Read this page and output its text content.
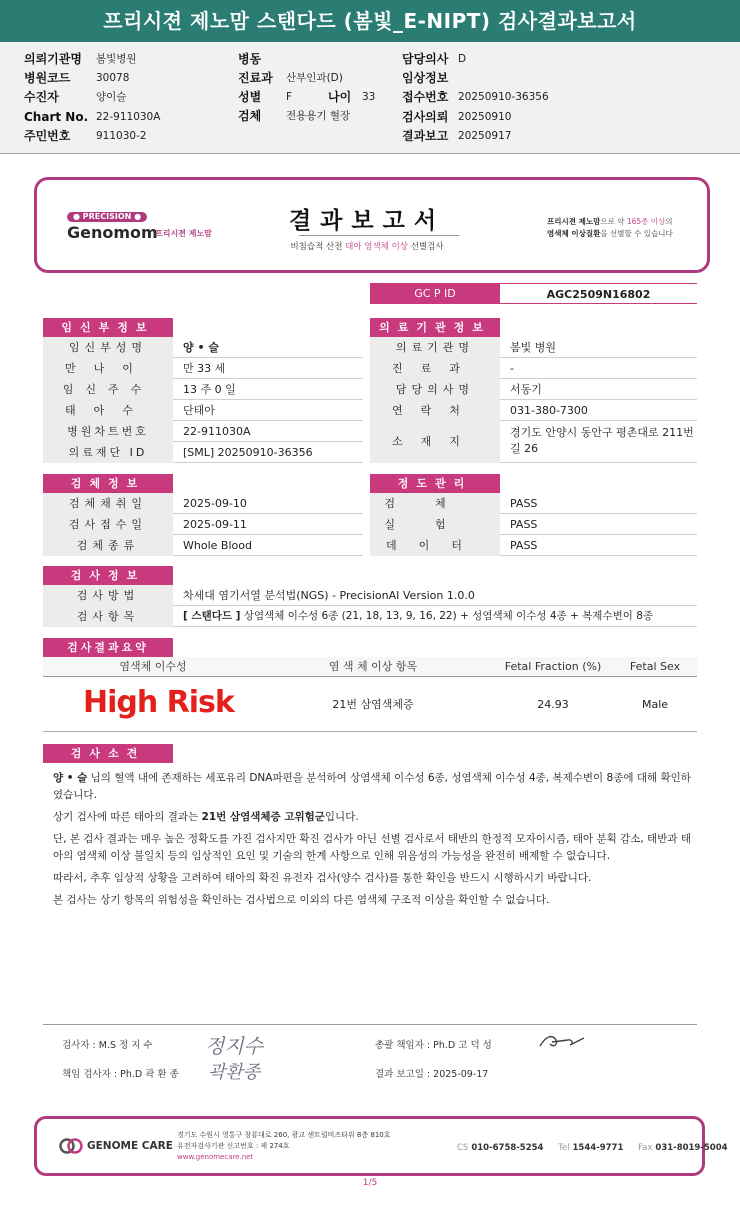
프리시젼 제노맘 스탠다드 (봄빛_E-NIPT) 검사결과보고서
의뢰기관명 봄빛병원
병원코드 30078
수진자	양이슬
Chart No. 22-911030A
주민번호 911030-2
병동
진료과 산부인과(D)
성별 F	나이 33
검체 전용용기 혈장
담당의사 D
임상정보
접수번호 20250910-36356
검사의뢰 20250910
결과보고 20250917
● PRECISION ●
Genomom
프리시젼 제노맘	결과보고서
비침습적 산전 태아 염색체 이상 선별검사
프리시젼 제노맘으로 약 165종 이상의
염색체 이상질환을 선별할 수 있습니다
GC P ID	AGC2509N16802
임신부정보	의료기관정보
임신부성명	양 • 슬
만나이	만 33 세
임신주수	13 주 0 일
태아수	단태아
병원차트번호	22-911030A
의료재단 ID	[SML] 20250910-36356
의료기관명	봄빛 병원
진료과	-
담당의사명	서동기
연락처	031-380-7300
소재지
경기도 안양시 동안구 평촌대로 211번
길 26
검체정보	정도관리
검체채취일	2025-09-10
검사접수일	2025-09-11
검체종류	Whole Blood
검체	PASS
실험	PASS
데이터	PASS
검사정보
검사방법	차세대 염기서열 분석법(NGS) - PrecisionAI Version 1.0.0
검사항목	[ 스탠다드 ] 상염색체 이수성 6종 (21, 18, 13, 9, 16, 22) + 성염색체 이수성 4종 + 복제수변이 8종
검사결과요약
염색체 이수성	염 색 체 이상 항목	Fetal Fraction (%)	Fetal Sex
High Risk	21번 삼염색체증	24.93	Male
검사소견

양 • 슬 님의 혈액 내에 존재하는 세포유리 DNA파편을 분석하여 상염색체 이수성 6종, 성염색체 이수성 4종, 복제수변이 8종에 대해 확인하였습니다.

상기 검사에 따른 태아의 결과는 21번 삼염색체증 고위험군입니다.

단, 본 검사 결과는 매우 높은 정확도를 가진 검사지만 확진 검사가 아닌 선별 검사로서 태반의 한정적 모자이시즘, 태아 분획 감소, 태반과 태아의 염색체 이상 불일치 등의 임상적인 요인 및 기술의 한계 사항으로 인해 위음성의 가능성을 완전히 배제할 수 없습니다.

따라서, 추후 임상적 상황을 고려하여 태아의 확진 유전자 검사(양수 검사)를 통한 확인을 반드시 시행하시기 바랍니다.

본 검사는 상기 항목의 위험성을 확인하는 검사법으로 이외의 다른 염색체 구조적 이상을 확인할 수 없습니다.

검사자 : M.S 정 지 수	정지수
책임 검사자 : Ph.D 곽 환 종 곽환종
총괄 책임자 : Ph.D 고 덕 성
결과 보고일 : 2025-09-17
GENOME CARE
경기도 수원시 영통구 창룡대로 260, 광교 센트럴비즈타워 8층 810호
유전자검사기관 신고번호 : 제 274호
www.genomecare.net
CS 010-6758-5254 Tel 1544-9771 Fax 031-8019-5004
1/5
